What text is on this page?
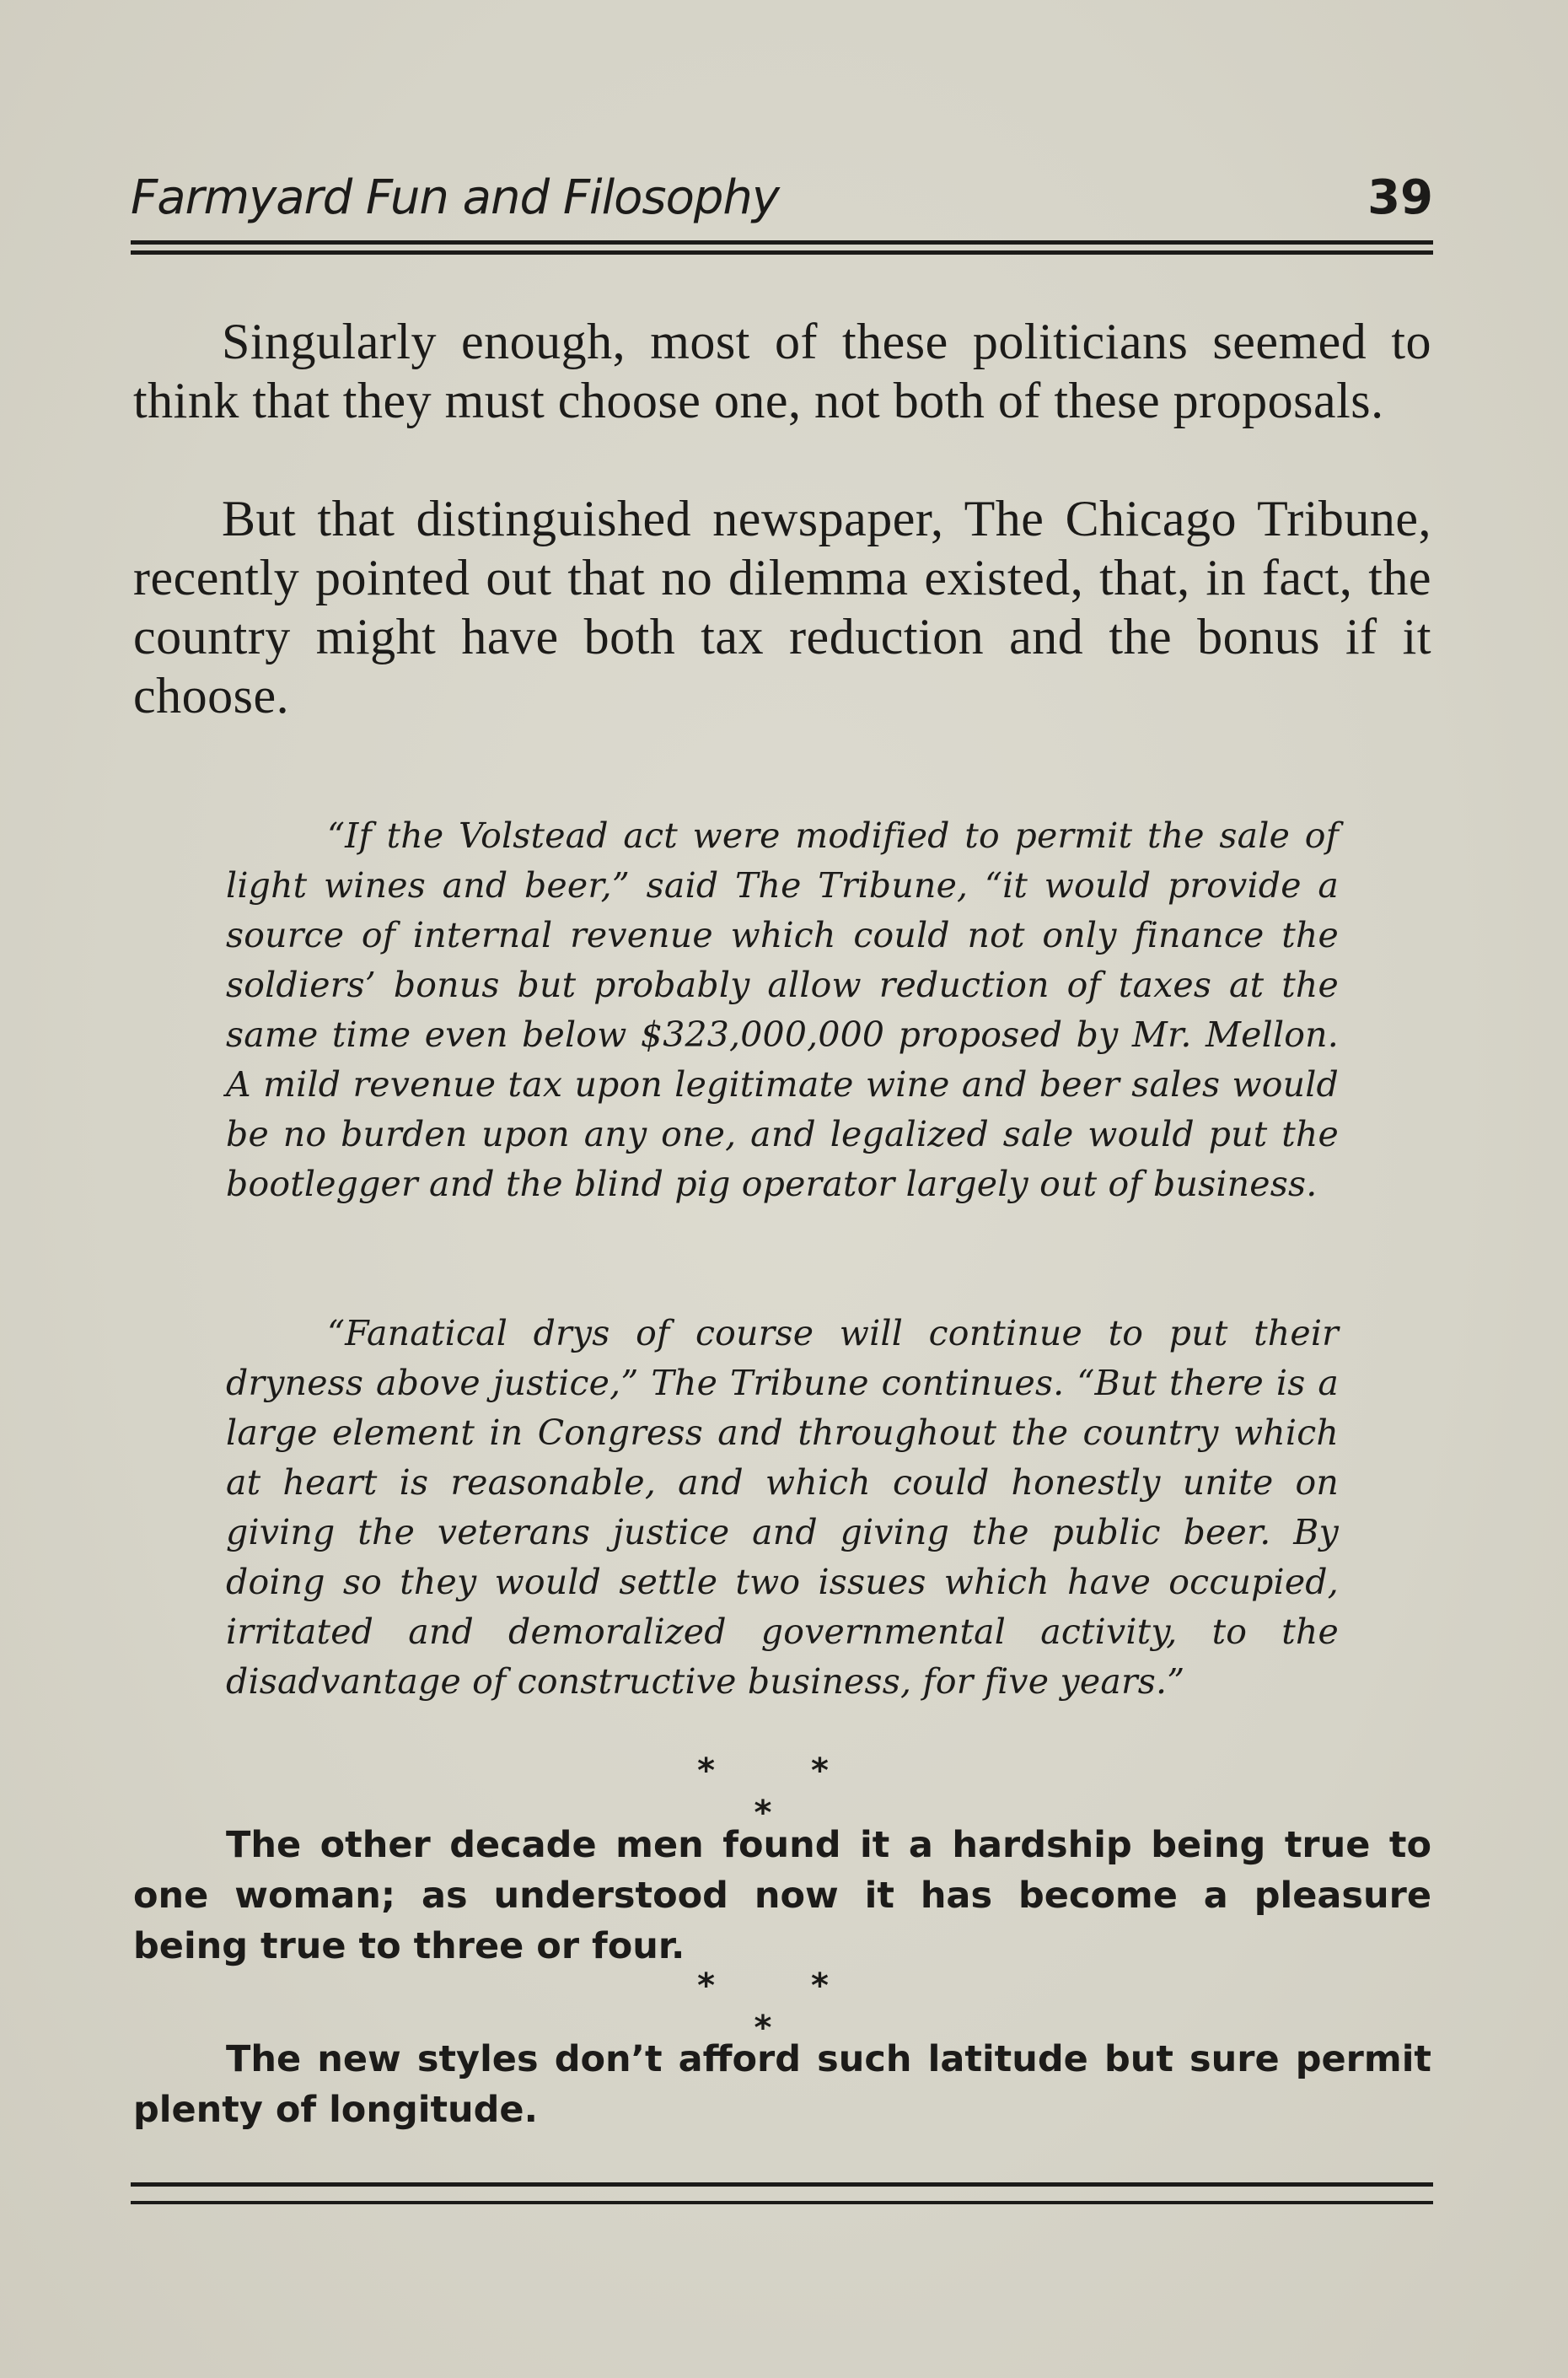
Farmyard Fun and Filosophy	39

Singularly enough, most of these politicians seemed to think that they must choose one, not both of these proposals.

But that distinguished newspaper, The Chicago Tribune, recently pointed out that no dilemma existed, that, in fact, the country might have both tax reduction and the bonus if it choose.

“If the Volstead act were modified to permit the sale of light wines and beer,” said The Tribune, “it would provide a source of internal revenue which could not only finance the soldiers’ bonus but probably allow reduction of taxes at the same time even below $323,000,000 proposed by Mr. Mellon. A mild revenue tax upon legitimate wine and beer sales would be no burden upon any one, and legalized sale would put the bootlegger and the blind pig operator largely out of business.

“Fanatical drys of course will continue to put their dryness above justice,” The Tribune continues. “But there is a large element in Congress and throughout the country which at heart is reasonable, and which could honestly unite on giving the veterans justice and giving the public beer. By doing so they would settle two issues which have occupied, irritated and demoralized governmental activity, to the disadvantage of constructive business, for five years.”

* * *

The other decade men found it a hardship being true to one woman; as understood now it has become a pleasure being true to three or four.

* * *

The new styles don’t afford such latitude but sure permit plenty of longitude.
